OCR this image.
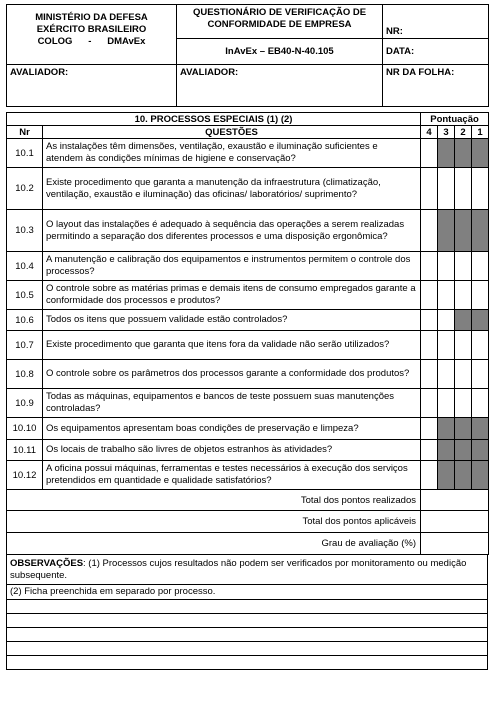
MINISTÉRIO DA DEFESA
EXÉRCITO BRASILEIRO
COLOG      -      DMAvEx	QUESTIONÁRIO DE VERIFICAÇÃO DE CONFORMIDADE DE EMPRESA	NR:
	InAvEx – EB40-N-40.105	DATA:
AVALIADOR:	AVALIADOR:	NR DA FOLHA:
10. PROCESSOS ESPECIAIS (1) (2)		Pontuação			
Nr	QUESTÕES	4	3	2	1
10.1	As instalações têm dimensões, ventilação, exaustão e iluminação suficientes e atendem às condições mínimas de higiene e conservação?				
10.2	Existe procedimento que garanta a manutenção da infraestrutura (climatização, ventilação, exaustão e iluminação) das oficinas/ laboratórios/ suprimento?				
10.3	O layout das instalações é adequado à sequência das operações a serem realizadas permitindo a separação dos diferentes processos e uma disposição ergonômica?				
10.4	A manutenção e calibração dos equipamentos e instrumentos permitem o controle dos processos?				
10.5	O controle sobre as matérias primas e demais itens de consumo empregados garante a conformidade dos processos e produtos?				
10.6	Todos os itens que possuem validade estão controlados?				
10.7	Existe procedimento que garanta que itens fora da validade não serão utilizados?				
10.8	O controle sobre os parâmetros dos processos garante a conformidade dos produtos?				
10.9	Todas as máquinas, equipamentos e bancos de teste possuem suas manutenções controladas?				
10.10	Os equipamentos apresentam boas condições de preservação e limpeza?				
10.11	Os locais de trabalho são livres de objetos estranhos às atividades?				
10.12	A oficina possui máquinas, ferramentas e testes necessários à execução dos serviços pretendidos em quantidade e qualidade satisfatórios?				
Total dos pontos realizados					
Total dos pontos aplicáveis					
Grau de avaliação (%)					
OBSERVAÇÕES: (1) Processos cujos resultados não podem ser verificados por monitoramento ou medição subsequente.
(2) Ficha preenchida em separado por processo.
